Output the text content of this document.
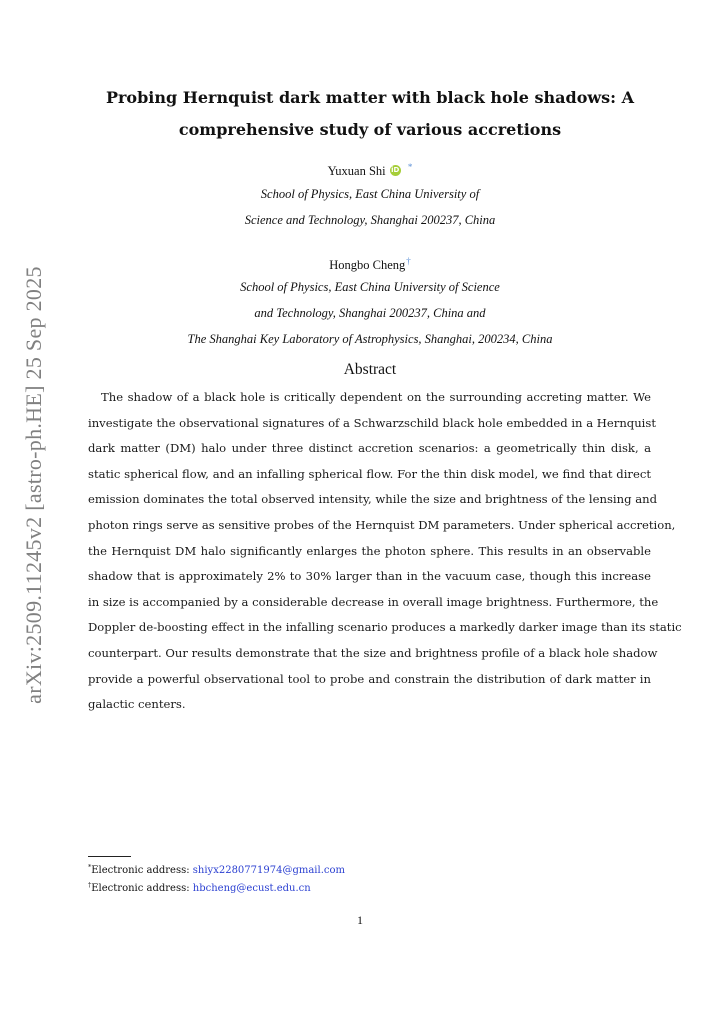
arXiv:2509.11245v2 [astro-ph.HE] 25 Sep 2025
Probing Hernquist dark matter with black hole shadows: A
comprehensive study of various accretions
Yuxuan Shi iD *
School of Physics, East China University of
Science and Technology, Shanghai 200237, China
Hongbo Cheng†
School of Physics, East China University of Science
and Technology, Shanghai 200237, China and
The Shanghai Key Laboratory of Astrophysics, Shanghai, 200234, China
Abstract
The shadow of a black hole is critically dependent on the surrounding accreting matter. We
investigate the observational signatures of a Schwarzschild black hole embedded in a Hernquist
dark matter (DM) halo under three distinct accretion scenarios: a geometrically thin disk, a
static spherical flow, and an infalling spherical flow. For the thin disk model, we find that direct
emission dominates the total observed intensity, while the size and brightness of the lensing and
photon rings serve as sensitive probes of the Hernquist DM parameters. Under spherical accretion,
the Hernquist DM halo significantly enlarges the photon sphere. This results in an observable
shadow that is approximately 2% to 30% larger than in the vacuum case, though this increase
in size is accompanied by a considerable decrease in overall image brightness. Furthermore, the
Doppler de-boosting effect in the infalling scenario produces a markedly darker image than its static
counterpart. Our results demonstrate that the size and brightness profile of a black hole shadow
provide a powerful observational tool to probe and constrain the distribution of dark matter in
galactic centers.
*Electronic address: shiyx2280771974@gmail.com
†Electronic address: hbcheng@ecust.edu.cn
1
